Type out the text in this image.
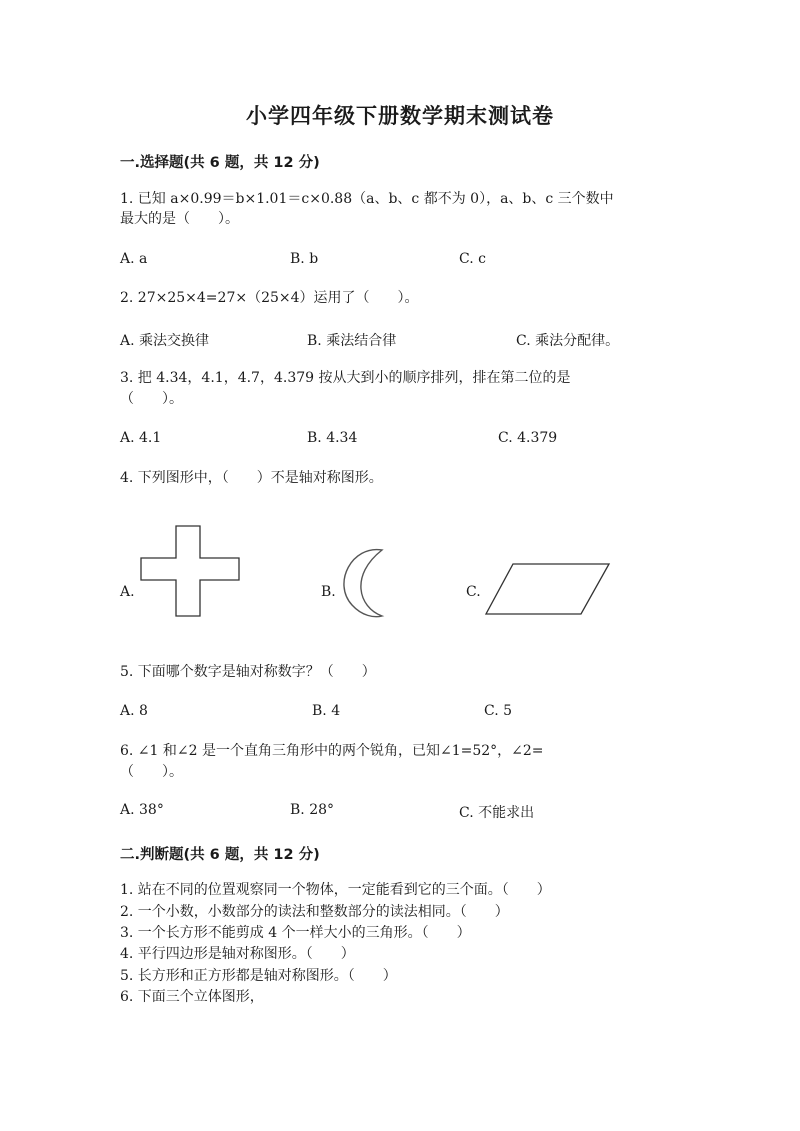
小学四年级下册数学期末测试卷
一.选择题(共 6 题，共 12 分)
1. 已知 a×0.99＝b×1.01＝c×0.88（a、b、c 都不为 0），a、b、c 三个数中
最大的是（　　）。
A. a	B. b	C. c
2. 27×25×4=27×（25×4）运用了（　　）。
A. 乘法交换律	B. 乘法结合律	C. 乘法分配律。
3. 把 4.34，4.1，4.7，4.379 按从大到小的顺序排列，排在第二位的是
（　　）。
A. 4.1	B. 4.34	C. 4.379
4. 下列图形中，（　　）不是轴对称图形。
A.	B.	C.
5. 下面哪个数字是轴对称数字？（　　）
A. 8	B. 4	C. 5
6. ∠1 和∠2 是一个直角三角形中的两个锐角，已知∠1=52°，∠2=
（　　）。
A. 38°	B. 28°	C. 不能求出
二.判断题(共 6 题，共 12 分)
1. 站在不同的位置观察同一个物体，一定能看到它的三个面。（　　）
2. 一个小数，小数部分的读法和整数部分的读法相同。（　　）
3. 一个长方形不能剪成 4 个一样大小的三角形。（　　）
4. 平行四边形是轴对称图形。（　　）
5. 长方形和正方形都是轴对称图形。（　　）
6. 下面三个立体图形，
